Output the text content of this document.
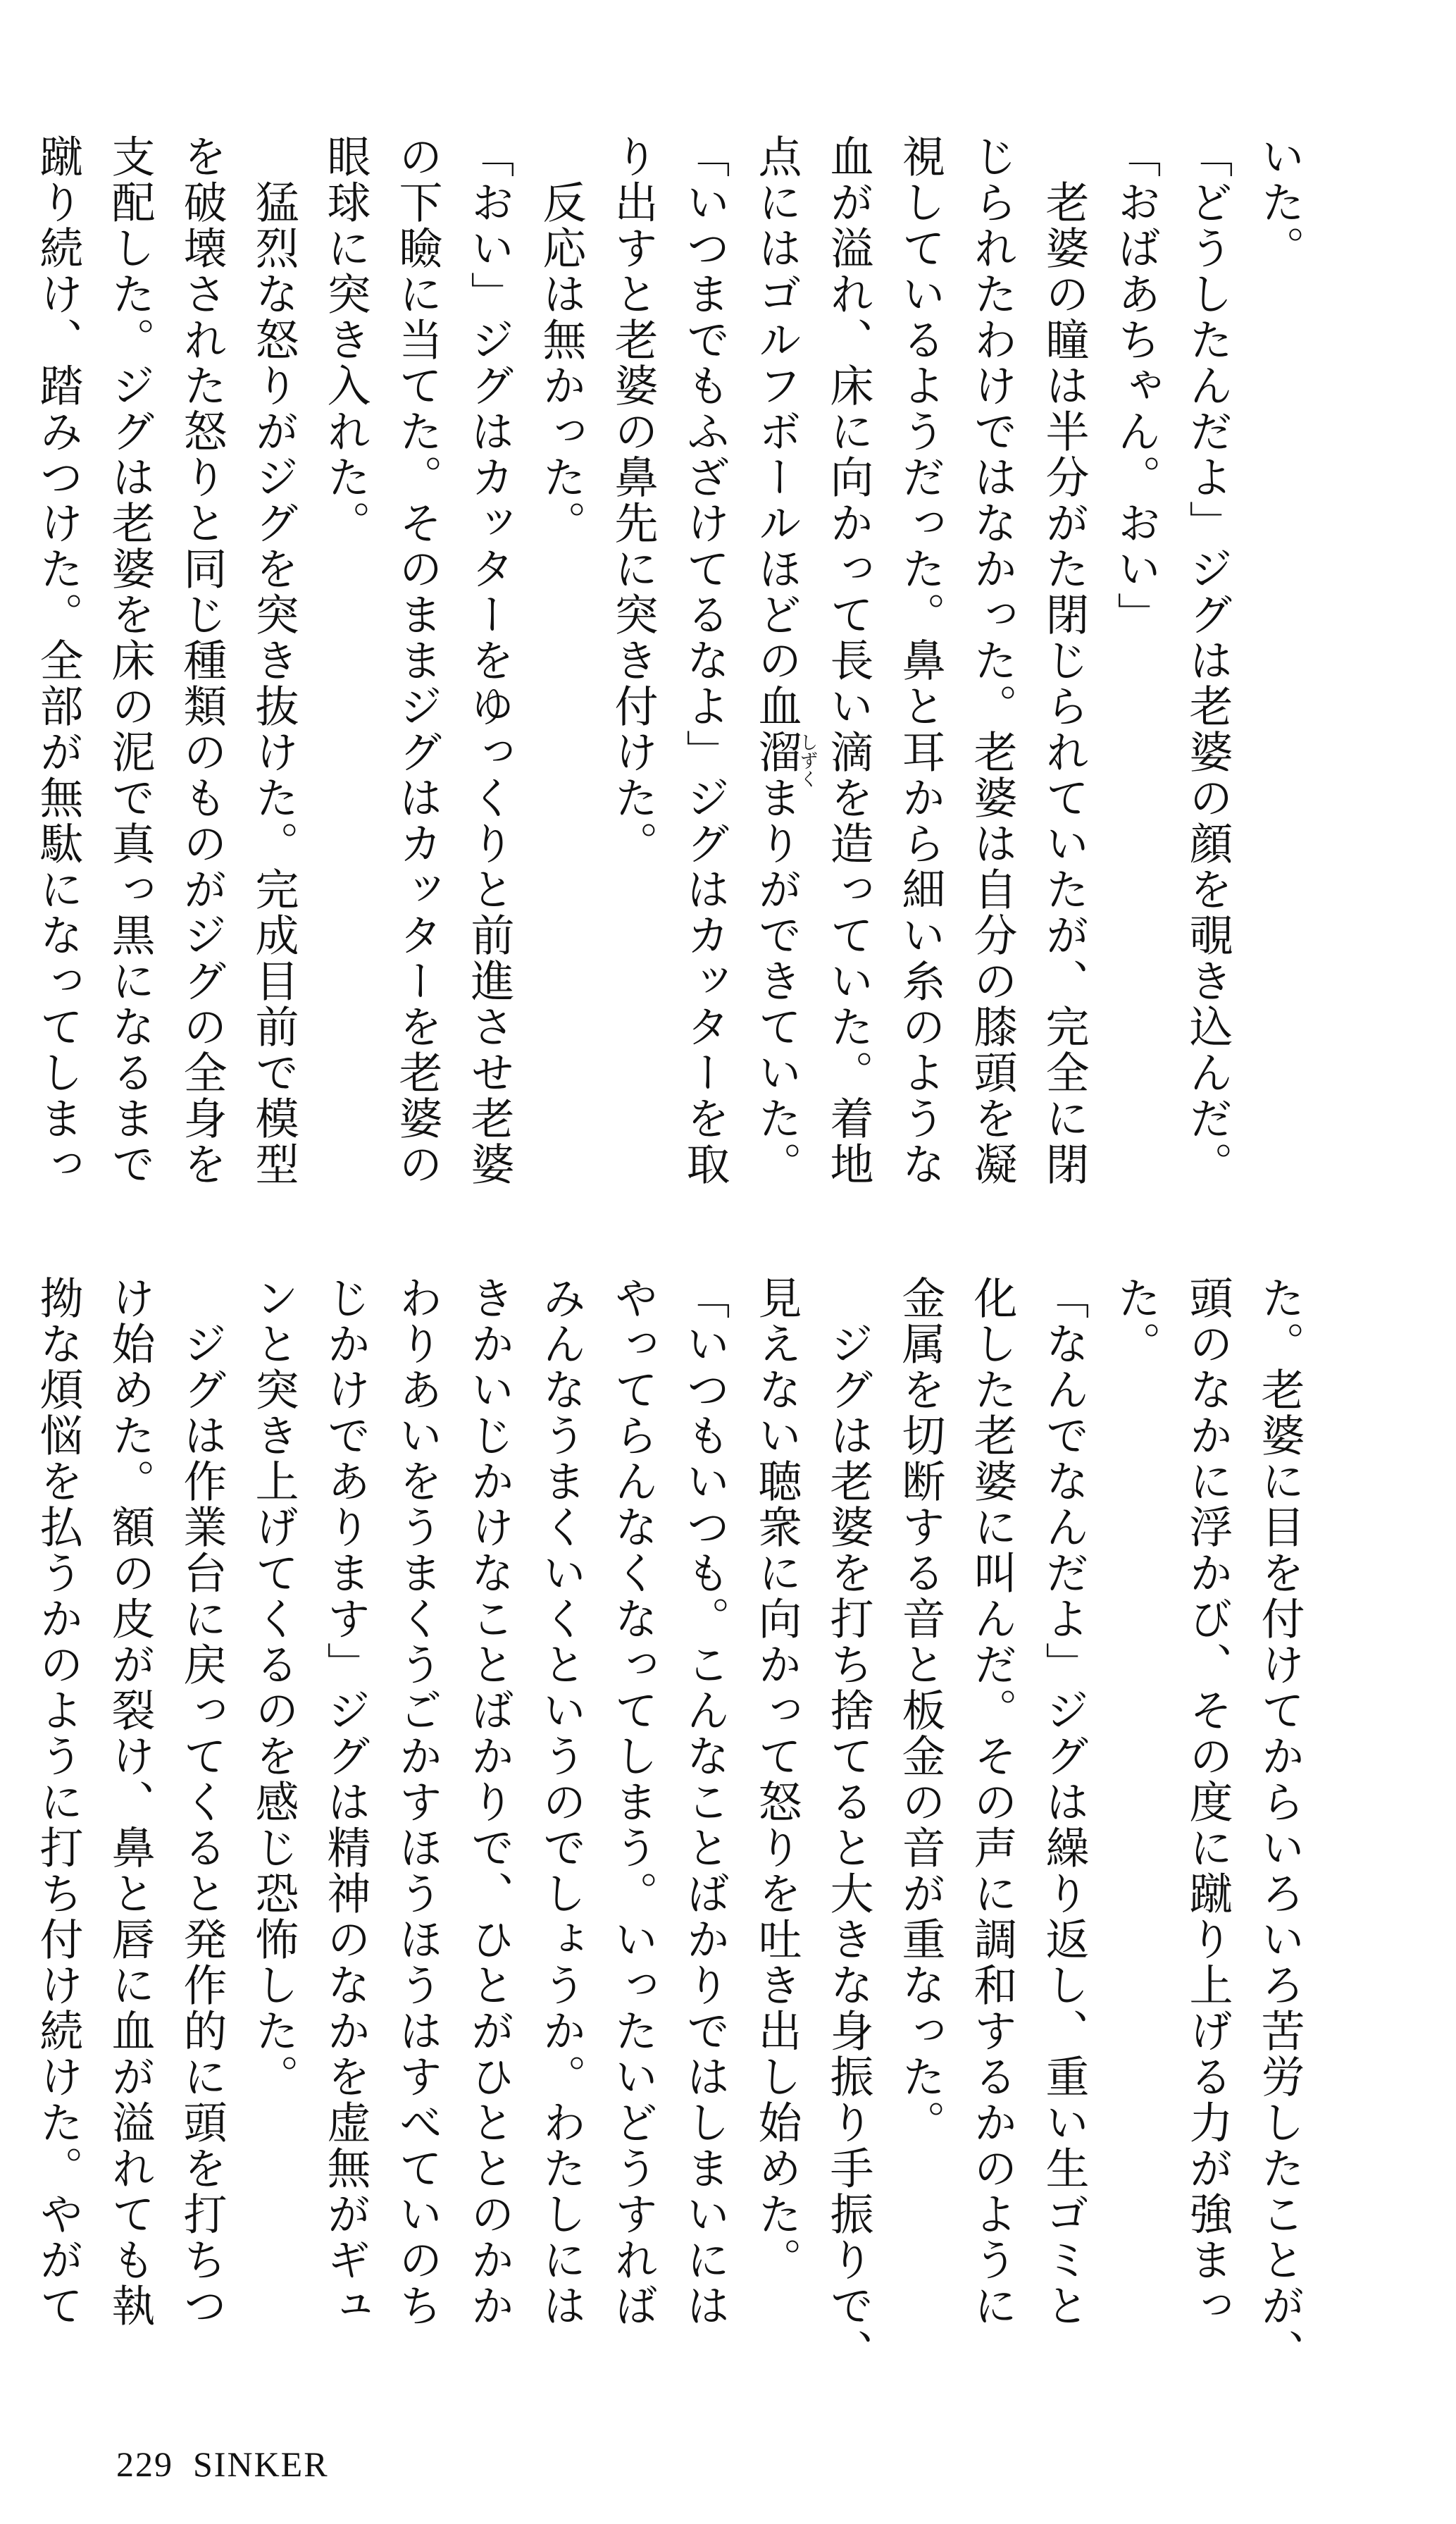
いた。
「どうしたんだよ」ジグは老婆の顔を覗き込んだ。
「おばあちゃん。おい」
　老婆の瞳は半分がた閉じられていたが、完全に閉
じられたわけではなかった。老婆は自分の膝頭を凝
視しているようだった。鼻と耳から細い糸のような
血が溢れ、床に向かって長い滴を造っていた。着地
点にはゴルフボールほどの血溜まりができていた。
「いつまでもふざけてるなよ」ジグはカッターを取
り出すと老婆の鼻先に突き付けた。
　反応は無かった。
「おい」ジグはカッターをゆっくりと前進させ老婆
の下瞼に当てた。そのままジグはカッターを老婆の
眼球に突き入れた。
　猛烈な怒りがジグを突き抜けた。完成目前で模型
を破壊された怒りと同じ種類のものがジグの全身を
支配した。ジグは老婆を床の泥で真っ黒になるまで
蹴り続け、踏みつけた。全部が無駄になってしまっ	しずく
た。老婆に目を付けてからいろいろ苦労したことが、
頭のなかに浮かび、その度に蹴り上げる力が強まっ
た。
「なんでなんだよ」ジグは繰り返し、重い生ゴミと
化した老婆に叫んだ。その声に調和するかのように
金属を切断する音と板金の音が重なった。
　ジグは老婆を打ち捨てると大きな身振り手振りで、
見えない聴衆に向かって怒りを吐き出し始めた。
「いつもいつも。こんなことばかりではしまいには
やってらんなくなってしまう。いったいどうすれば
みんなうまくいくというのでしょうか。わたしには
きかいじかけなことばかりで、ひとがひととのかか
わりあいをうまくうごかすほうほうはすべていのち
じかけであります」ジグは精神のなかを虚無がギュ
ンと突き上げてくるのを感じ恐怖した。
　ジグは作業台に戻ってくると発作的に頭を打ちつ
け始めた。額の皮が裂け、鼻と唇に血が溢れても執
拗な煩悩を払うかのように打ち付け続けた。やがて
229 SINKER
